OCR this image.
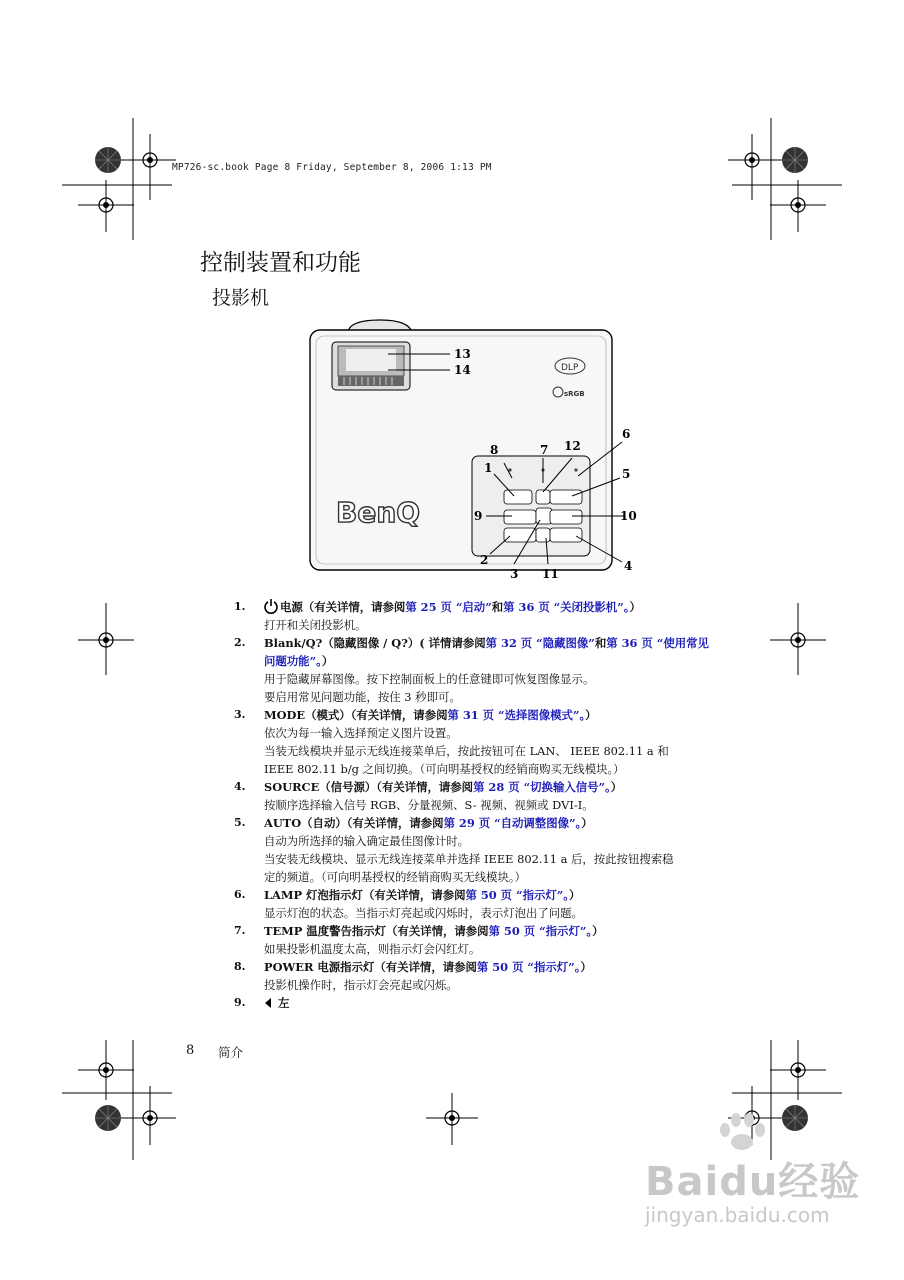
MP726-sc.book Page 8 Friday, September 8, 2006 1:13 PM
控制装置和功能
投影机
DLP
sRGB
BenQ
13
14
8	7 12
6
1	5
9	10
2
3 11
4
1.	电源（有关详情，请参阅第 25 页 “启动”和第 36 页 “关闭投影机”。）
打开和关闭投影机。
2.	Blank/Q?（隐藏图像 / Q?）( 详情请参阅第 32 页 “隐藏图像”和第 36 页 “使用常见问题功能”。）
用于隐藏屏幕图像。按下控制面板上的任意键即可恢复图像显示。
要启用常见问题功能，按住 3 秒即可。
3.	MODE（模式）（有关详情，请参阅第 31 页 “选择图像模式”。）
依次为每一输入选择预定义图片设置。
当装无线模块并显示无线连接菜单后，按此按钮可在 LAN、 IEEE 802.11 a 和
IEEE 802.11 b/g 之间切换。（可向明基授权的经销商购买无线模块。）
4.	SOURCE（信号源）（有关详情，请参阅第 28 页 “切换输入信号”。）
按顺序选择输入信号 RGB、分量视频、S- 视频、视频或 DVI-I。
5.	AUTO（自动）（有关详情，请参阅第 29 页 “自动调整图像”。）
自动为所选择的输入确定最佳图像计时。
当安装无线模块、显示无线连接菜单并选择 IEEE 802.11 a 后，按此按钮搜索稳
定的频道。（可向明基授权的经销商购买无线模块。）
6.	LAMP 灯泡指示灯（有关详情，请参阅第 50 页 “指示灯”。）
显示灯泡的状态。当指示灯亮起或闪烁时，表示灯泡出了问题。
7.	TEMP 温度警告指示灯（有关详情，请参阅第 50 页 “指示灯”。）
如果投影机温度太高，则指示灯会闪红灯。
8.	POWER 电源指示灯（有关详情，请参阅第 50 页 “指示灯”。）
投影机操作时，指示灯会亮起或闪烁。
9.	左
8 简介
Baidu经验
jingyan.baidu.com
